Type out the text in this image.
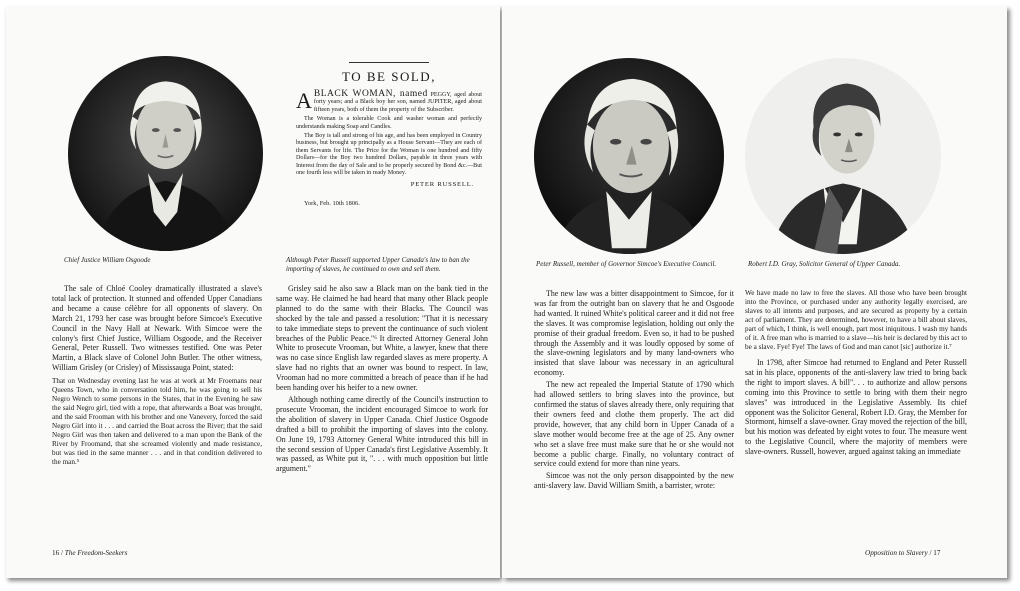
Chief Justice William Osgoode

TO BE SOLD,
A BLACK WOMAN, named PEGGY, aged about forty years; and a Black boy her son, named JUPITER, aged about fifteen years, both of them the property of the Subscriber.

The Woman is a tolerable Cook and washer woman and perfectly understands making Soap and Candles.

The Boy is tall and strong of his age, and has been employed in Country business, but brought up principally as a House Servant—They are each of them Servants for life. The Price for the Woman is one hundred and fifty Dollars—for the Boy two hundred Dollars, payable in three years with Interest from the day of Sale and to be properly secured by Bond &c.—But one fourth less will be taken in ready Money.

PETER RUSSELL.
York, Feb. 10th 1806.

Although Peter Russell supported Upper Canada's law to ban the importing of slaves, he continued to own and sell them.

The sale of Chloé Cooley dramatically illustrated a slave's total lack of protection. It stunned and offended Upper Canadians and became a cause célèbre for all opponents of slavery. On March 21, 1793 her case was brought before Simcoe's Executive Council in the Navy Hall at Newark. With Simcoe were the colony's first Chief Justice, William Osgoode, and the Receiver General, Peter Russell. Two witnesses testified. One was Peter Martin, a Black slave of Colonel John Butler. The other witness, William Grisley (or Crisley) of Mississauga Point, stated:

That on Wednesday evening last he was at work at Mr Froemans near Queens Town, who in conversation told him, he was going to sell his Negro Wench to some persons in the States, that in the Evening he saw the said Negro girl, tied with a rope, that afterwards a Boat was brought, and the said Frooman with his brother and one Vanevery, forced the said Negro Girl into it . . . and carried the Boat across the River; that the said Negro Girl was then taken and delivered to a man upon the Bank of the River by Froomand, that she screamed violently and made resistance, but was tied in the same manner . . . and in that condition delivered to the man.⁵

Grisley said he also saw a Black man on the bank tied in the same way. He claimed he had heard that many other Black people planned to do the same with their Blacks. The Council was shocked by the tale and passed a resolution: "That it is necessary to take immediate steps to prevent the continuance of such violent breaches of the Public Peace."⁶ It directed Attorney General John White to prosecute Vrooman, but White, a lawyer, knew that there was no case since English law regarded slaves as mere property. A slave had no rights that an owner was bound to respect. In law, Vrooman had no more committed a breach of peace than if he had been handing over his heifer to a new owner.

Although nothing came directly of the Council's instruction to prosecute Vrooman, the incident encouraged Simcoe to work for the abolition of slavery in Upper Canada. Chief Justice Osgoode drafted a bill to prohibit the importing of slaves into the colony. On June 19, 1793 Attorney General White introduced this bill in the second session of Upper Canada's first Legislative Assembly. It was passed, as White put it, ". . . with much opposition but little argument."

16 / The Freedom-Seekers

Peter Russell, member of Governor Simcoe's Executive Council.	Robert I.D. Gray, Solicitor General of Upper Canada.

The new law was a bitter disappointment to Simcoe, for it was far from the outright ban on slavery that he and Osgoode had wanted. It ruined White's political career and it did not free the slaves. It was compromise legislation, holding out only the promise of their gradual freedom. Even so, it had to be pushed through the Assembly and it was loudly opposed by some of the slave-owning legislators and by many land-owners who insisted that slave labour was necessary in an agricultural economy.

The new act repealed the Imperial Statute of 1790 which had allowed settlers to bring slaves into the province, but confirmed the status of slaves already there, only requiring that their owners feed and clothe them properly. The act did provide, however, that any child born in Upper Canada of a slave mother would become free at the age of 25. Any owner who set a slave free must make sure that he or she would not become a public charge. Finally, no voluntary contract of service could extend for more than nine years.

Simcoe was not the only person disappointed by the new anti-slavery law. David William Smith, a barrister, wrote:

We have made no law to free the slaves. All those who have been brought into the Province, or purchased under any authority legally exercised, are slaves to all intents and purposes, and are secured as property by a certain act of parliament. They are determined, however, to have a bill about slaves, part of which, I think, is well enough, part most iniquitous. I wash my hands of it. A free man who is married to a slave—his heir is declared by this act to be a slave. Fye! Fye! The laws of God and man canot [sic] authorize it.⁷

In 1798, after Simcoe had returned to England and Peter Russell sat in his place, opponents of the anti-slavery law tried to bring back the right to import slaves. A bill". . . to authorize and allow persons coming into this Province to settle to bring with them their negro slaves" was introduced in the Legislative Assembly. Its chief opponent was the Solicitor General, Robert I.D. Gray, the Member for Stormont, himself a slave-owner. Gray moved the rejection of the bill, but his motion was defeated by eight votes to four. The measure went to the Legislative Council, where the majority of members were slave-owners. Russell, however, argued against taking an immediate

Opposition to Slavery / 17
